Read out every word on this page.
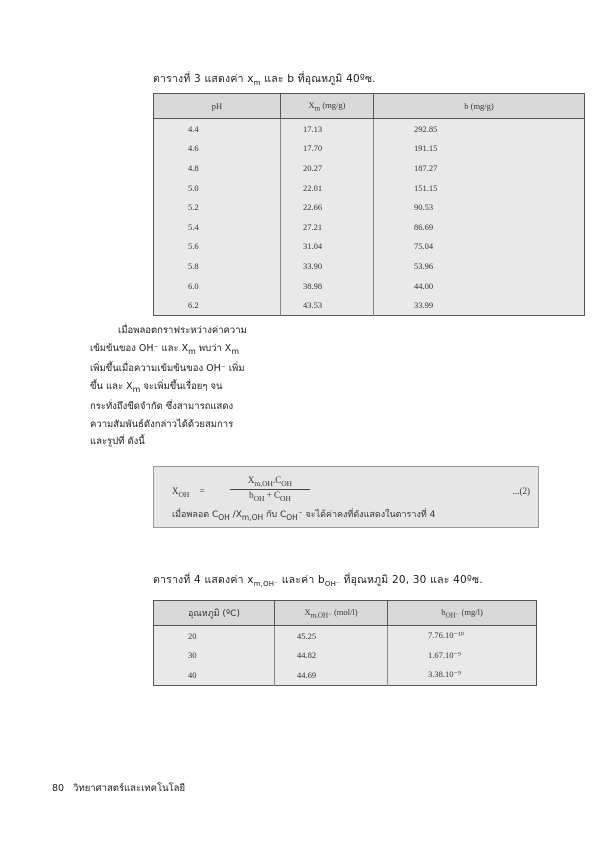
ตารางที่ 3 แสดงค่า $x_m$ และ b ที่อุณหภูมิ 40ºซ.
pH	$X_m$ (mg/g)	b (mg/g)
4.4	17.13	292.85
4.6	17.70	191.15
4.8	20.27	187.27
5.0	22.01	151.15
5.2	22.66	90.53
5.4	27.21	86.69
5.6	31.04	75.04
5.8	33.90	53.96
6.0	38.98	44.00
6.2	43.53	33.99
เมื่อพลอตกราฟระหว่างค่าความ
เข้มข้นของ OH⁻ และ $X_m$ พบว่า $X_m$
เพิ่มขึ้นเมื่อความเข้มข้นของ OH⁻ เพิ่ม
ขึ้น และ $X_m$ จะเพิ่มขึ้นเรื่อยๆ จน
กระทั่งถึงขีดจำกัด ซึ่งสามารถแสดง
ความสัมพันธ์ดังกล่าวได้ด้วยสมการ
และรูปที่ ดังนี้
$X_{OH}$ =
$X_{m,OH}.C_{OH}$
$b_{OH} + C_{OH}$
...(2)
เมื่อพลอต $C_{OH}$ $/X_{m,OH}$ กับ $C_{OH}^-$ จะได้ค่าคงที่ดังแสดงในตารางที่ 4
ตารางที่ 4 แสดงค่า $x_{m,OH^-}$ และค่า $b_{OH^-}$ ที่อุณหภูมิ 20, 30 และ 40ºซ.
อุณหภูมิ (ºC)	$X_{m,OH^-}$ (mol/l)	$b_{OH^-}$ (mg/l)
20	45.25	7.76.10⁻¹⁰
30	44.82	1.67.10⁻⁹
40	44.69	3.38.10⁻⁹
80 วิทยาศาสตร์และเทคโนโลยี
